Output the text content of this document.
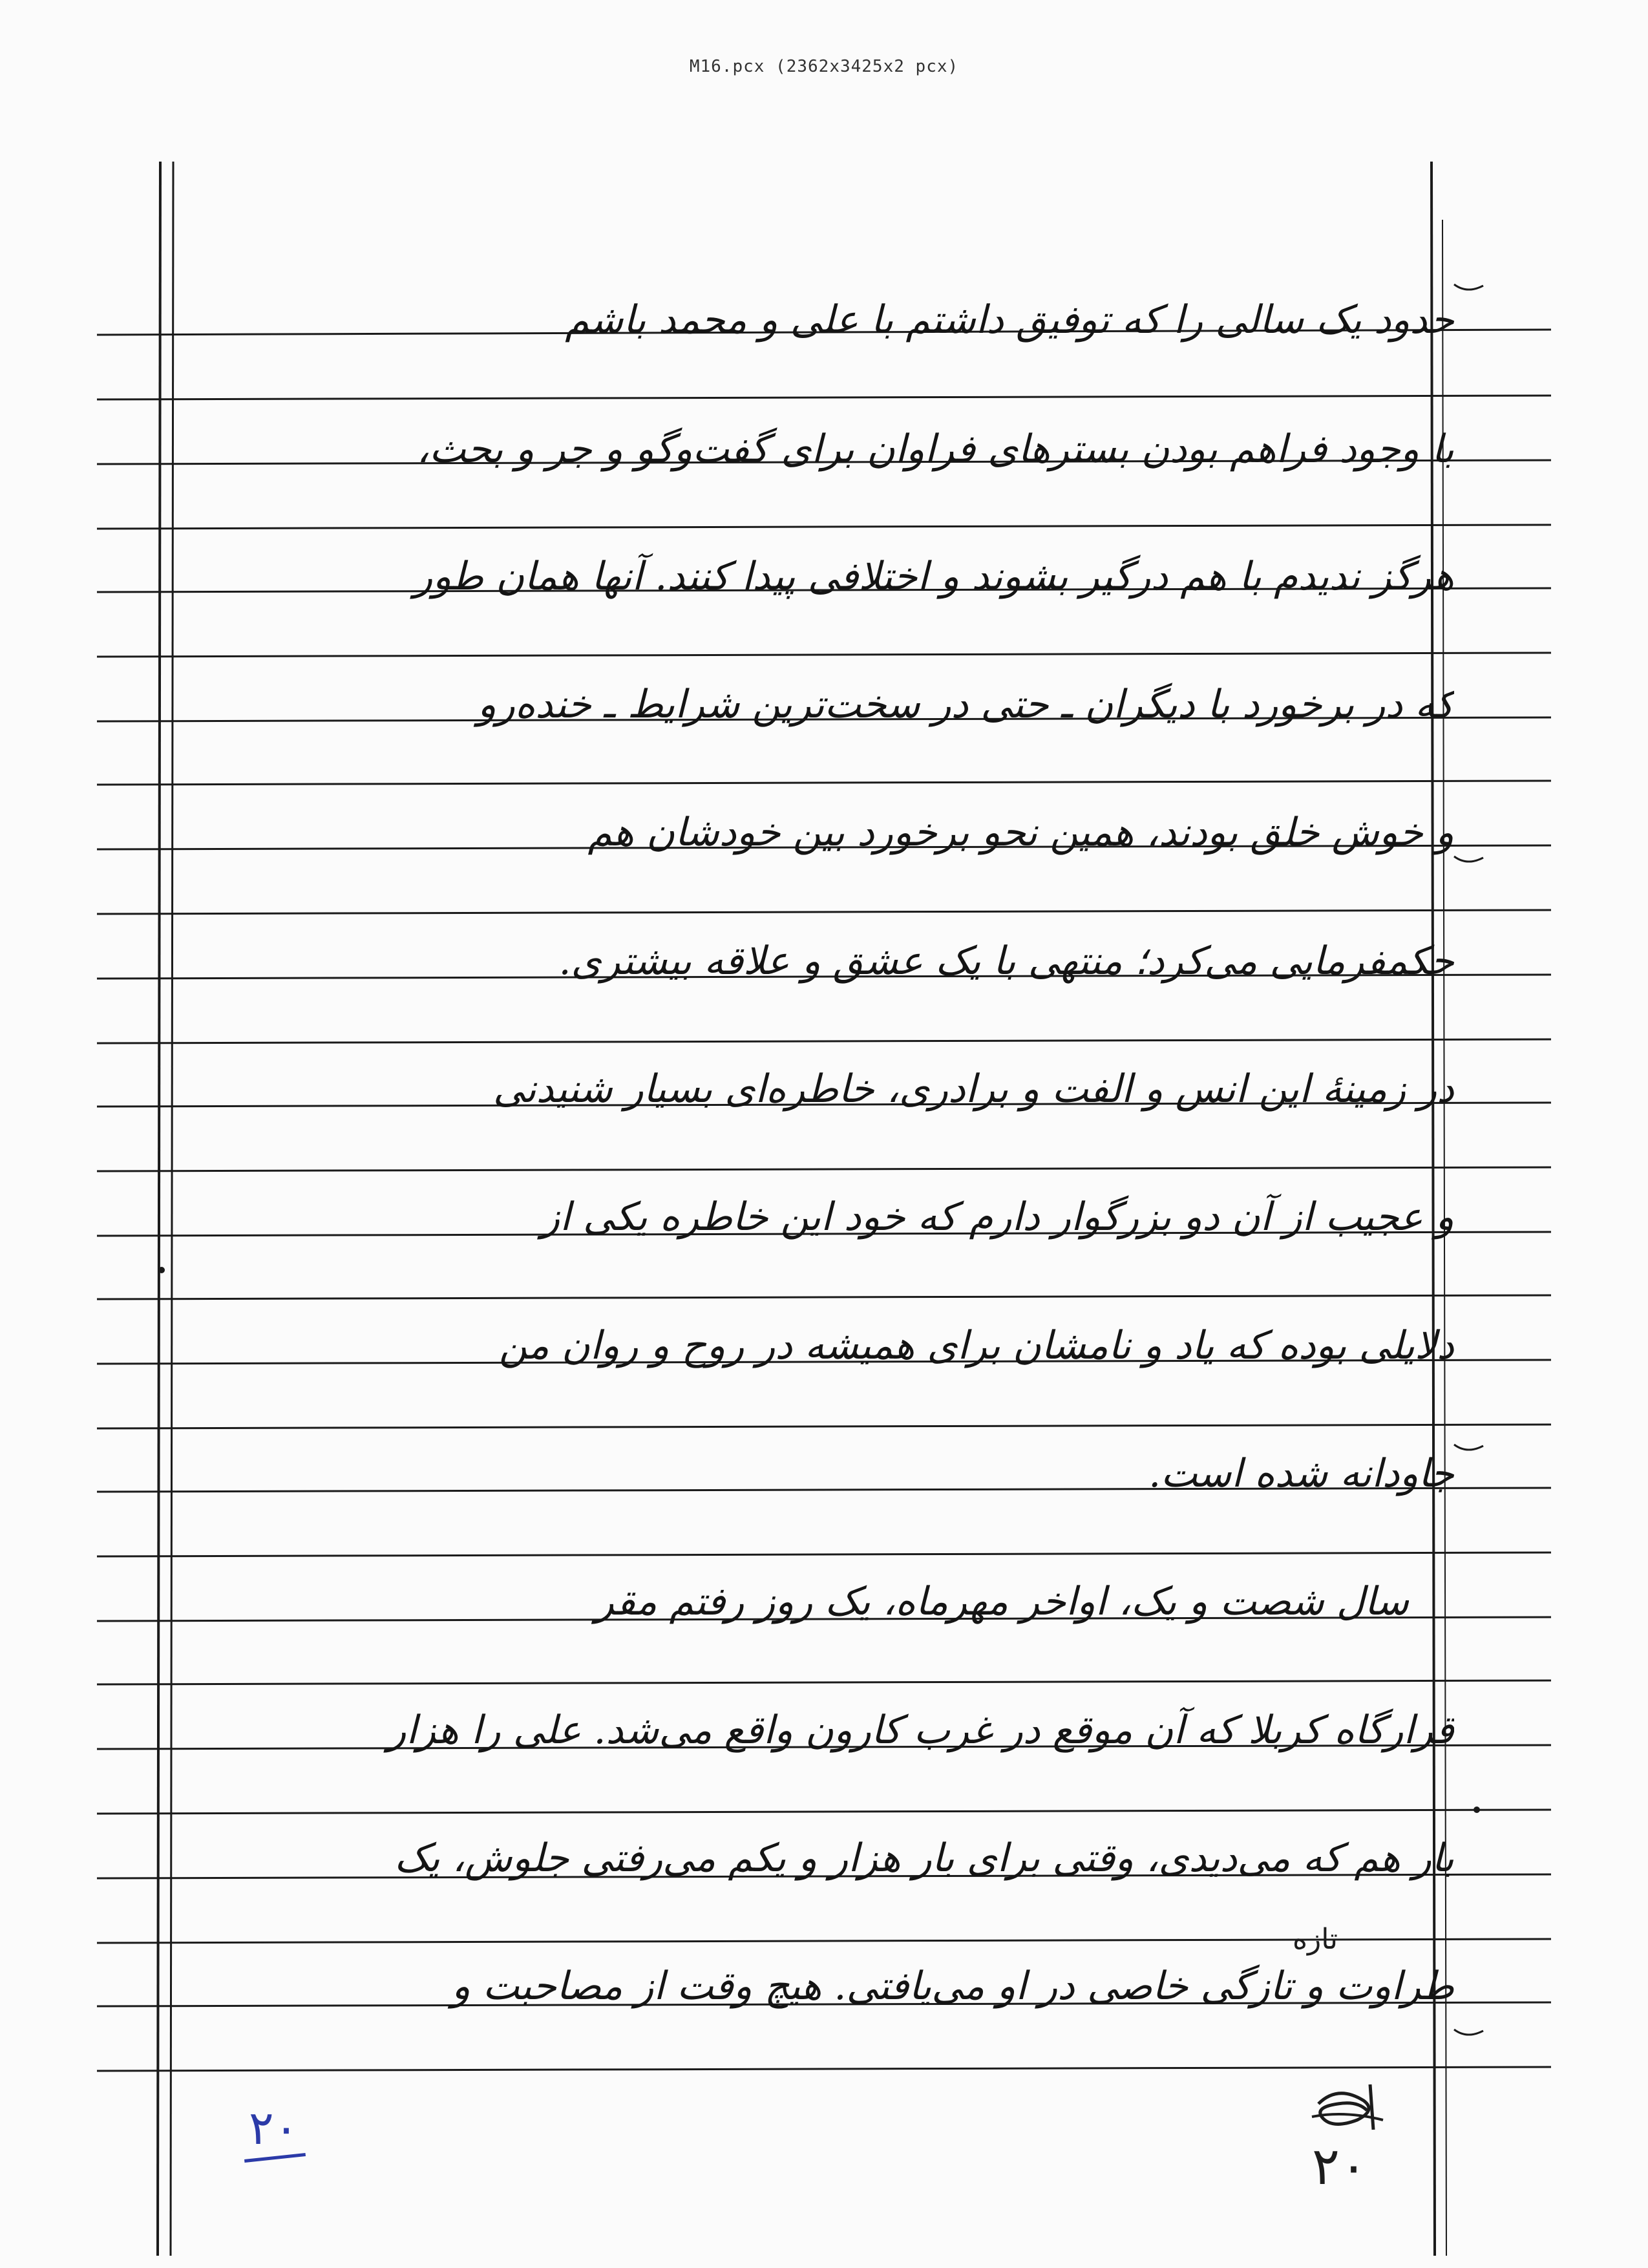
M16.pcx (2362x3425x2 pcx)
حدود یک سالی را که توفیق داشتم با علی و محمد باشم
با وجود فراهم بودن بسترهای فراوان برای گفت‌وگو و جر و بحث،
هرگز ندیدم با هم درگیر بشوند و اختلافی پیدا کنند. آنها همان طور
که در برخورد با دیگران ـ حتی در سخت‌ترین شرایط ـ خنده‌رو
و خوش خلق بودند، همین نحو برخورد بین خودشان هم
حکمفرمایی می‌کرد؛ منتهی با یک عشق و علاقه بیشتری.
در زمینهٔ این انس و الفت و برادری، خاطره‌ای بسیار شنیدنی
و عجیب از آن دو بزرگوار دارم که خود این خاطره یکی از
دلایلی بوده که یاد و نامشان برای همیشه در روح و روان من
جاودانه شده است.
سال شصت و یک، اواخر مهرماه، یک روز رفتم مقر
قرارگاه کربلا که آن موقع در غرب کارون واقع می‌شد. علی را هزار
بار هم که می‌دیدی، وقتی برای بار هزار و یکم می‌رفتی جلوش، یک
طراوت و تازگی خاصی در او می‌یافتی. هیچ وقت از مصاحبت و
تازه
۲۰
۲۰
